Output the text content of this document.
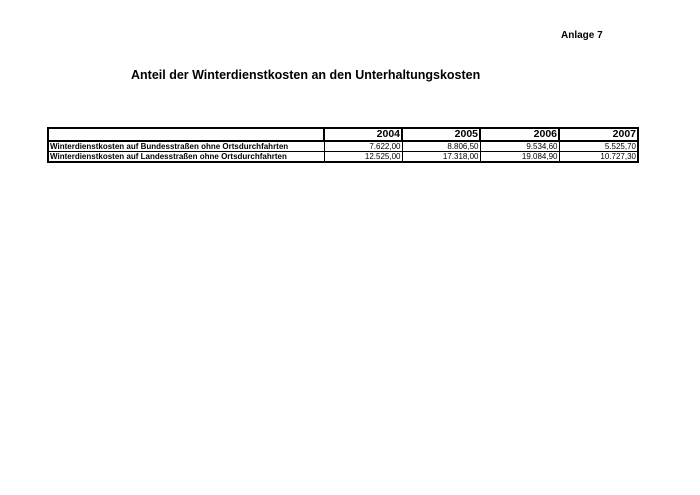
Anlage 7
Anteil der Winterdienstkosten an den Unterhaltungskosten
	2004	2005	2006	2007
Winterdienstkosten auf Bundesstraßen ohne Ortsdurchfahrten	7.622,00	8.806,50	9.534,60	5.525,70
Winterdienstkosten auf Landesstraßen ohne Ortsdurchfahrten	12.525,00	17.318,00	19.084,90	10.727,30
